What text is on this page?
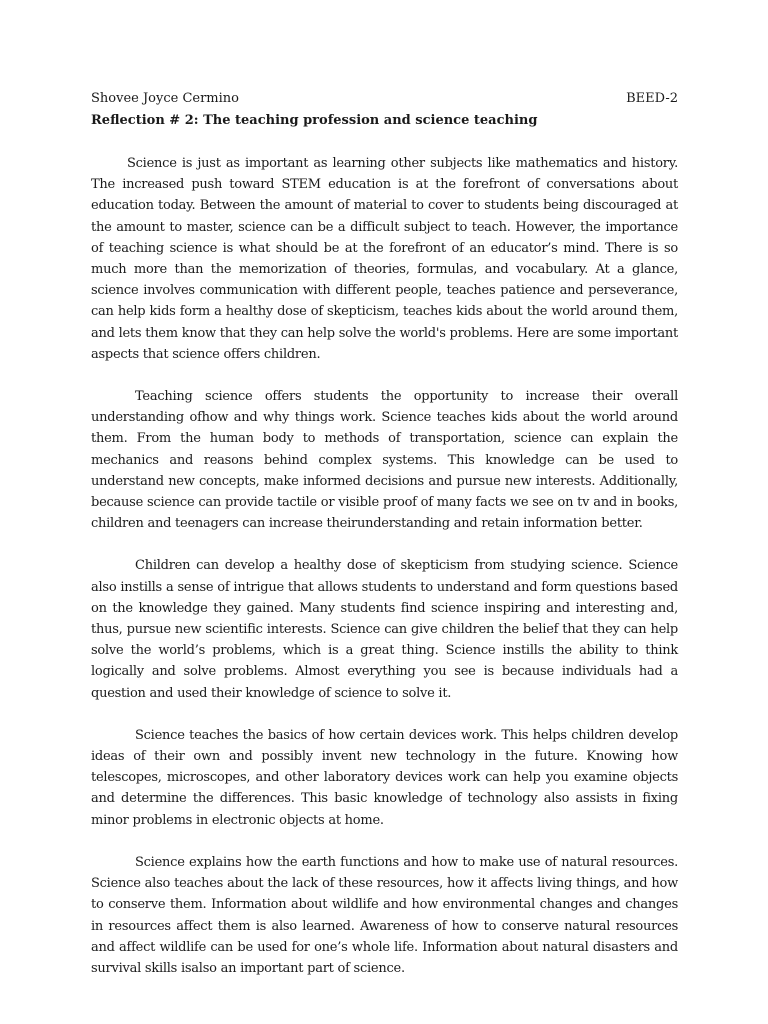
Shovee Joyce Cermino	BEED-2
Reflection # 2: The teaching profession and science teaching

Science is just as important as learning other subjects like mathematics and history. The increased push toward STEM education is at the forefront of conversations about education today. Between the amount of material to cover to students being discouraged at the amount to master, science can be a difficult subject to teach. However, the importance of teaching science is what should be at the forefront of an educator’s mind. There is so much more than the memorization of theories, formulas, and vocabulary. At a glance, science involves communication with different people, teaches patience and perseverance, can help kids form a healthy dose of skepticism, teaches kids about the world around them, and lets them know that they can help solve the world's problems. Here are some important aspects that science offers children.

Teaching science offers students the opportunity to increase their overall understanding ofhow and why things work. Science teaches kids about the world around them. From the human body to methods of transportation, science can explain the mechanics and reasons behind complex systems. This knowledge can be used to understand new concepts, make informed decisions and pursue new interests. Additionally, because science can provide tactile or visible proof of many facts we see on tv and in books, children and teenagers can increase theirunderstanding and retain information better.

Children can develop a healthy dose of skepticism from studying science. Science also instills a sense of intrigue that allows students to understand and form questions based on the knowledge they gained. Many students find science inspiring and interesting and, thus, pursue new scientific interests. Science can give children the belief that they can help solve the world’s problems, which is a great thing. Science instills the ability to think logically and solve problems. Almost everything you see is because individuals had a question and used their knowledge of science to solve it.

Science teaches the basics of how certain devices work. This helps children develop ideas of their own and possibly invent new technology in the future. Knowing how telescopes, microscopes, and other laboratory devices work can help you examine objects and determine the differences. This basic knowledge of technology also assists in fixing minor problems in electronic objects at home.

Science explains how the earth functions and how to make use of natural resources. Science also teaches about the lack of these resources, how it affects living things, and how to conserve them. Information about wildlife and how environmental changes and changes in resources affect them is also learned. Awareness of how to conserve natural resources and affect wildlife can be used for one’s whole life. Information about natural disasters and survival skills isalso an important part of science.
